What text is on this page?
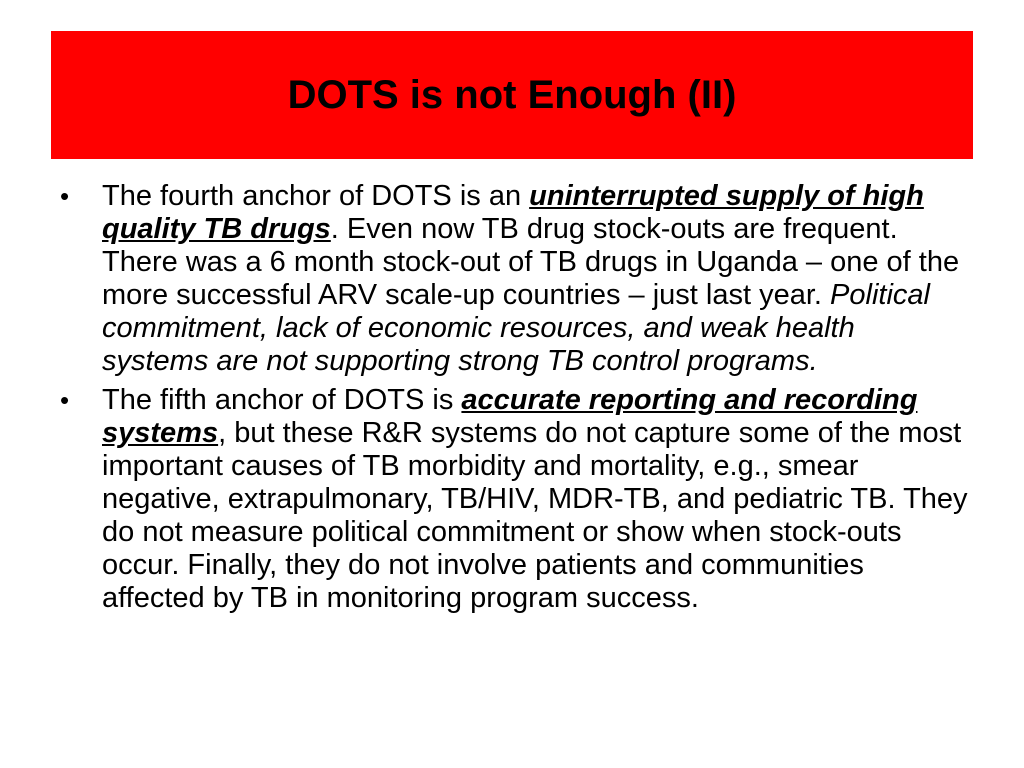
DOTS is not Enough (II)
• The fourth anchor of DOTS is an uninterrupted supply of high quality TB drugs. Even now TB drug stock-outs are frequent. There was a 6 month stock-out of TB drugs in Uganda – one of the more successful ARV scale-up countries – just last year. Political commitment, lack of economic resources, and weak health systems are not supporting strong TB control programs.
• The fifth anchor of DOTS is accurate reporting and recording systems, but these R&R systems do not capture some of the most important causes of TB morbidity and mortality, e.g., smear negative, extrapulmonary, TB/HIV, MDR-TB, and pediatric TB. They do not measure political commitment or show when stock-outs occur. Finally, they do not involve patients and communities affected by TB in monitoring program success.
